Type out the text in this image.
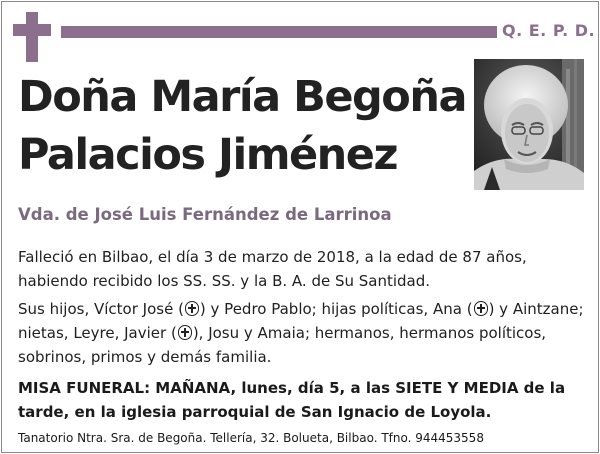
Q. E. P. D.
Doña María Begoña
Palacios Jiménez
Vda. de José Luis Fernández de Larrinoa
Falleció en Bilbao, el día 3 de marzo de 2018, a la edad de 87 años, habiendo recibido los SS. SS. y la B. A. de Su Santidad.
Sus hijos, Víctor José ( ) y Pedro Pablo; hijas políticas, Ana ( ) y Aintzane; nietas, Leyre, Javier ( ), Josu y Amaia; hermanos, hermanos políticos, sobrinos, primos y demás familia.
MISA FUNERAL: MAÑANA, lunes, día 5, a las SIETE Y MEDIA de la tarde, en la iglesia parroquial de San Ignacio de Loyola.
Tanatorio Ntra. Sra. de Begoña. Tellería, 32. Bolueta, Bilbao. Tfno. 944453558
